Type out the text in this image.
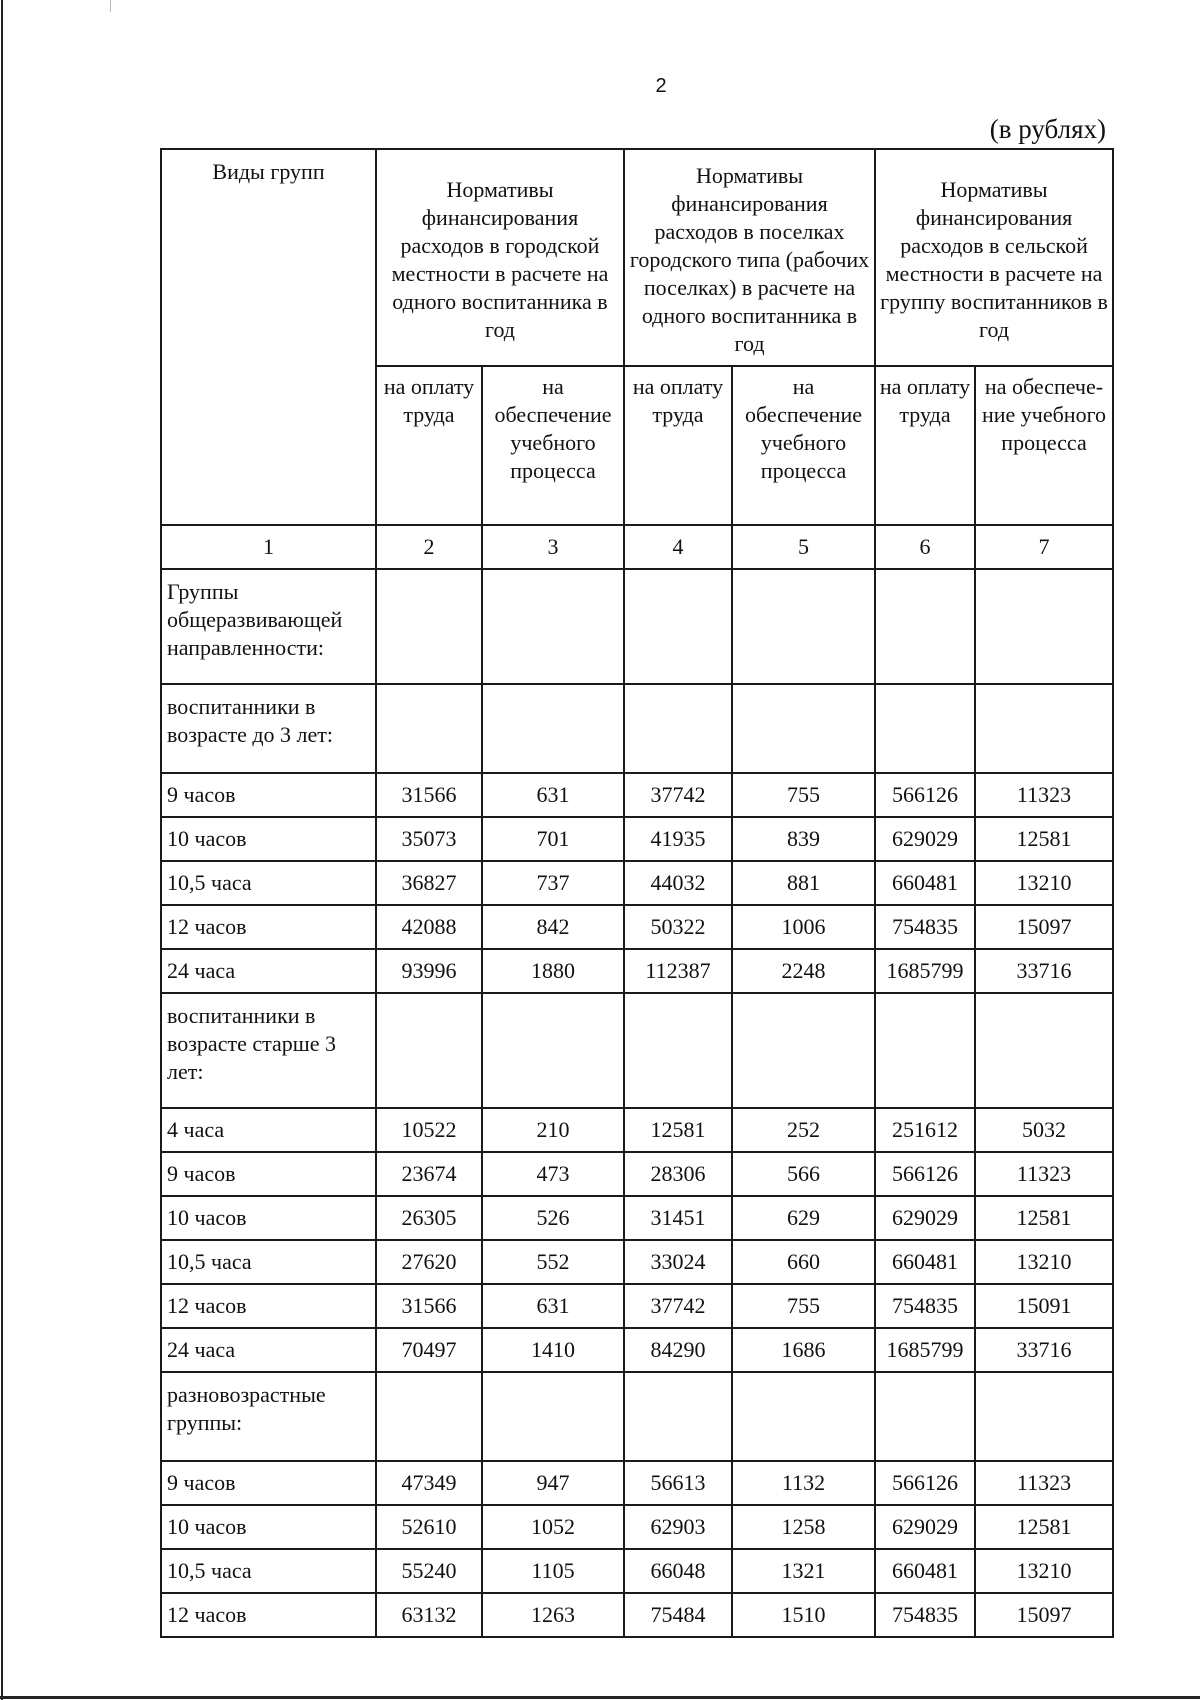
2
(в рублях)
Виды групп	Нормативы финансирования расходов в городской местности в расчете на одного воспитанника в год		Нормативы финансирования расходов в поселках городского типа (рабочих поселках) в расчете на одного воспитанника в год		Нормативы финансирования расходов в сельской местности в расчете на группу воспитанников в год	
	на оплату труда	на обеспечение учебного процесса	на оплату труда	на обеспечение учебного процесса	на оплату труда	на обеспече-ние учебного процесса
1	2	3	4	5	6	7
Группы общеразвивающей направленности:						
воспитанники в возрасте до 3 лет:						
9 часов	31566	631	37742	755	566126	11323
10 часов	35073	701	41935	839	629029	12581
10,5 часа	36827	737	44032	881	660481	13210
12 часов	42088	842	50322	1006	754835	15097
24 часа	93996	1880	112387	2248	1685799	33716
воспитанники в возрасте старше 3 лет:						
4 часа	10522	210	12581	252	251612	5032
9 часов	23674	473	28306	566	566126	11323
10 часов	26305	526	31451	629	629029	12581
10,5 часа	27620	552	33024	660	660481	13210
12 часов	31566	631	37742	755	754835	15091
24 часа	70497	1410	84290	1686	1685799	33716
разновозрастные группы:						
9 часов	47349	947	56613	1132	566126	11323
10 часов	52610	1052	62903	1258	629029	12581
10,5 часа	55240	1105	66048	1321	660481	13210
12 часов	63132	1263	75484	1510	754835	15097
